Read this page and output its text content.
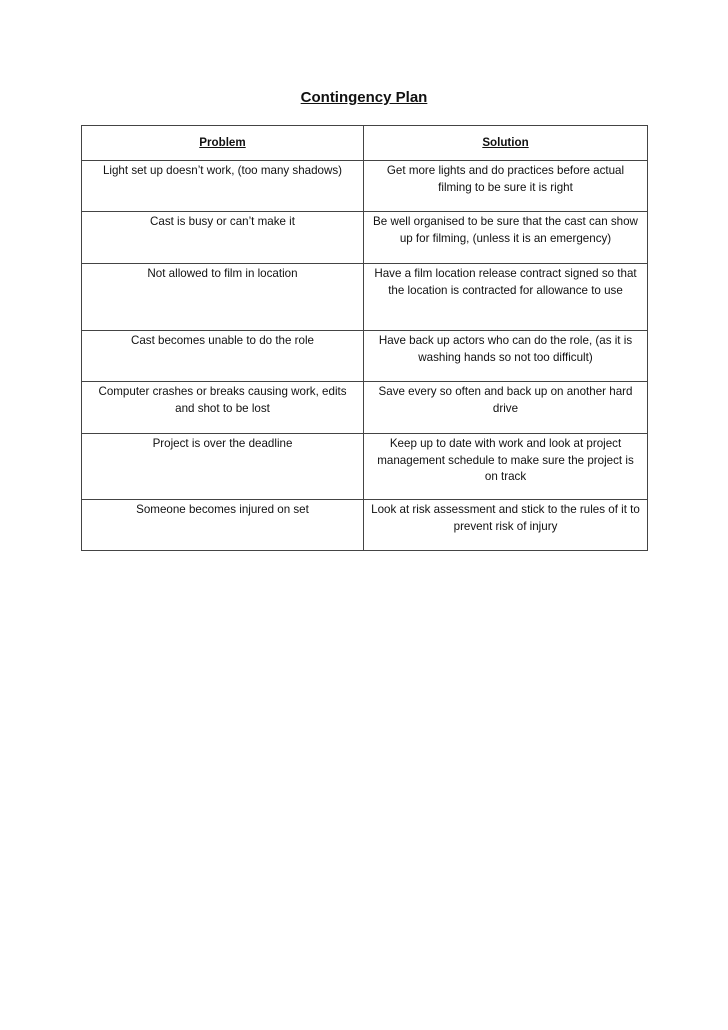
Contingency Plan
Problem	Solution
Light set up doesn’t work, (too many shadows)	Get more lights and do practices before actual filming to be sure it is right
Cast is busy or can’t make it	Be well organised to be sure that the cast can show up for filming, (unless it is an emergency)
Not allowed to film in location	Have a film location release contract signed so that the location is contracted for allowance to use
Cast becomes unable to do the role	Have back up actors who can do the role, (as it is washing hands so not too difficult)
Computer crashes or breaks causing work, edits and shot to be lost	Save every so often and back up on another hard drive
Project is over the deadline	Keep up to date with work and look at project management schedule to make sure the project is on track
Someone becomes injured on set	Look at risk assessment and stick to the rules of it to prevent risk of injury
